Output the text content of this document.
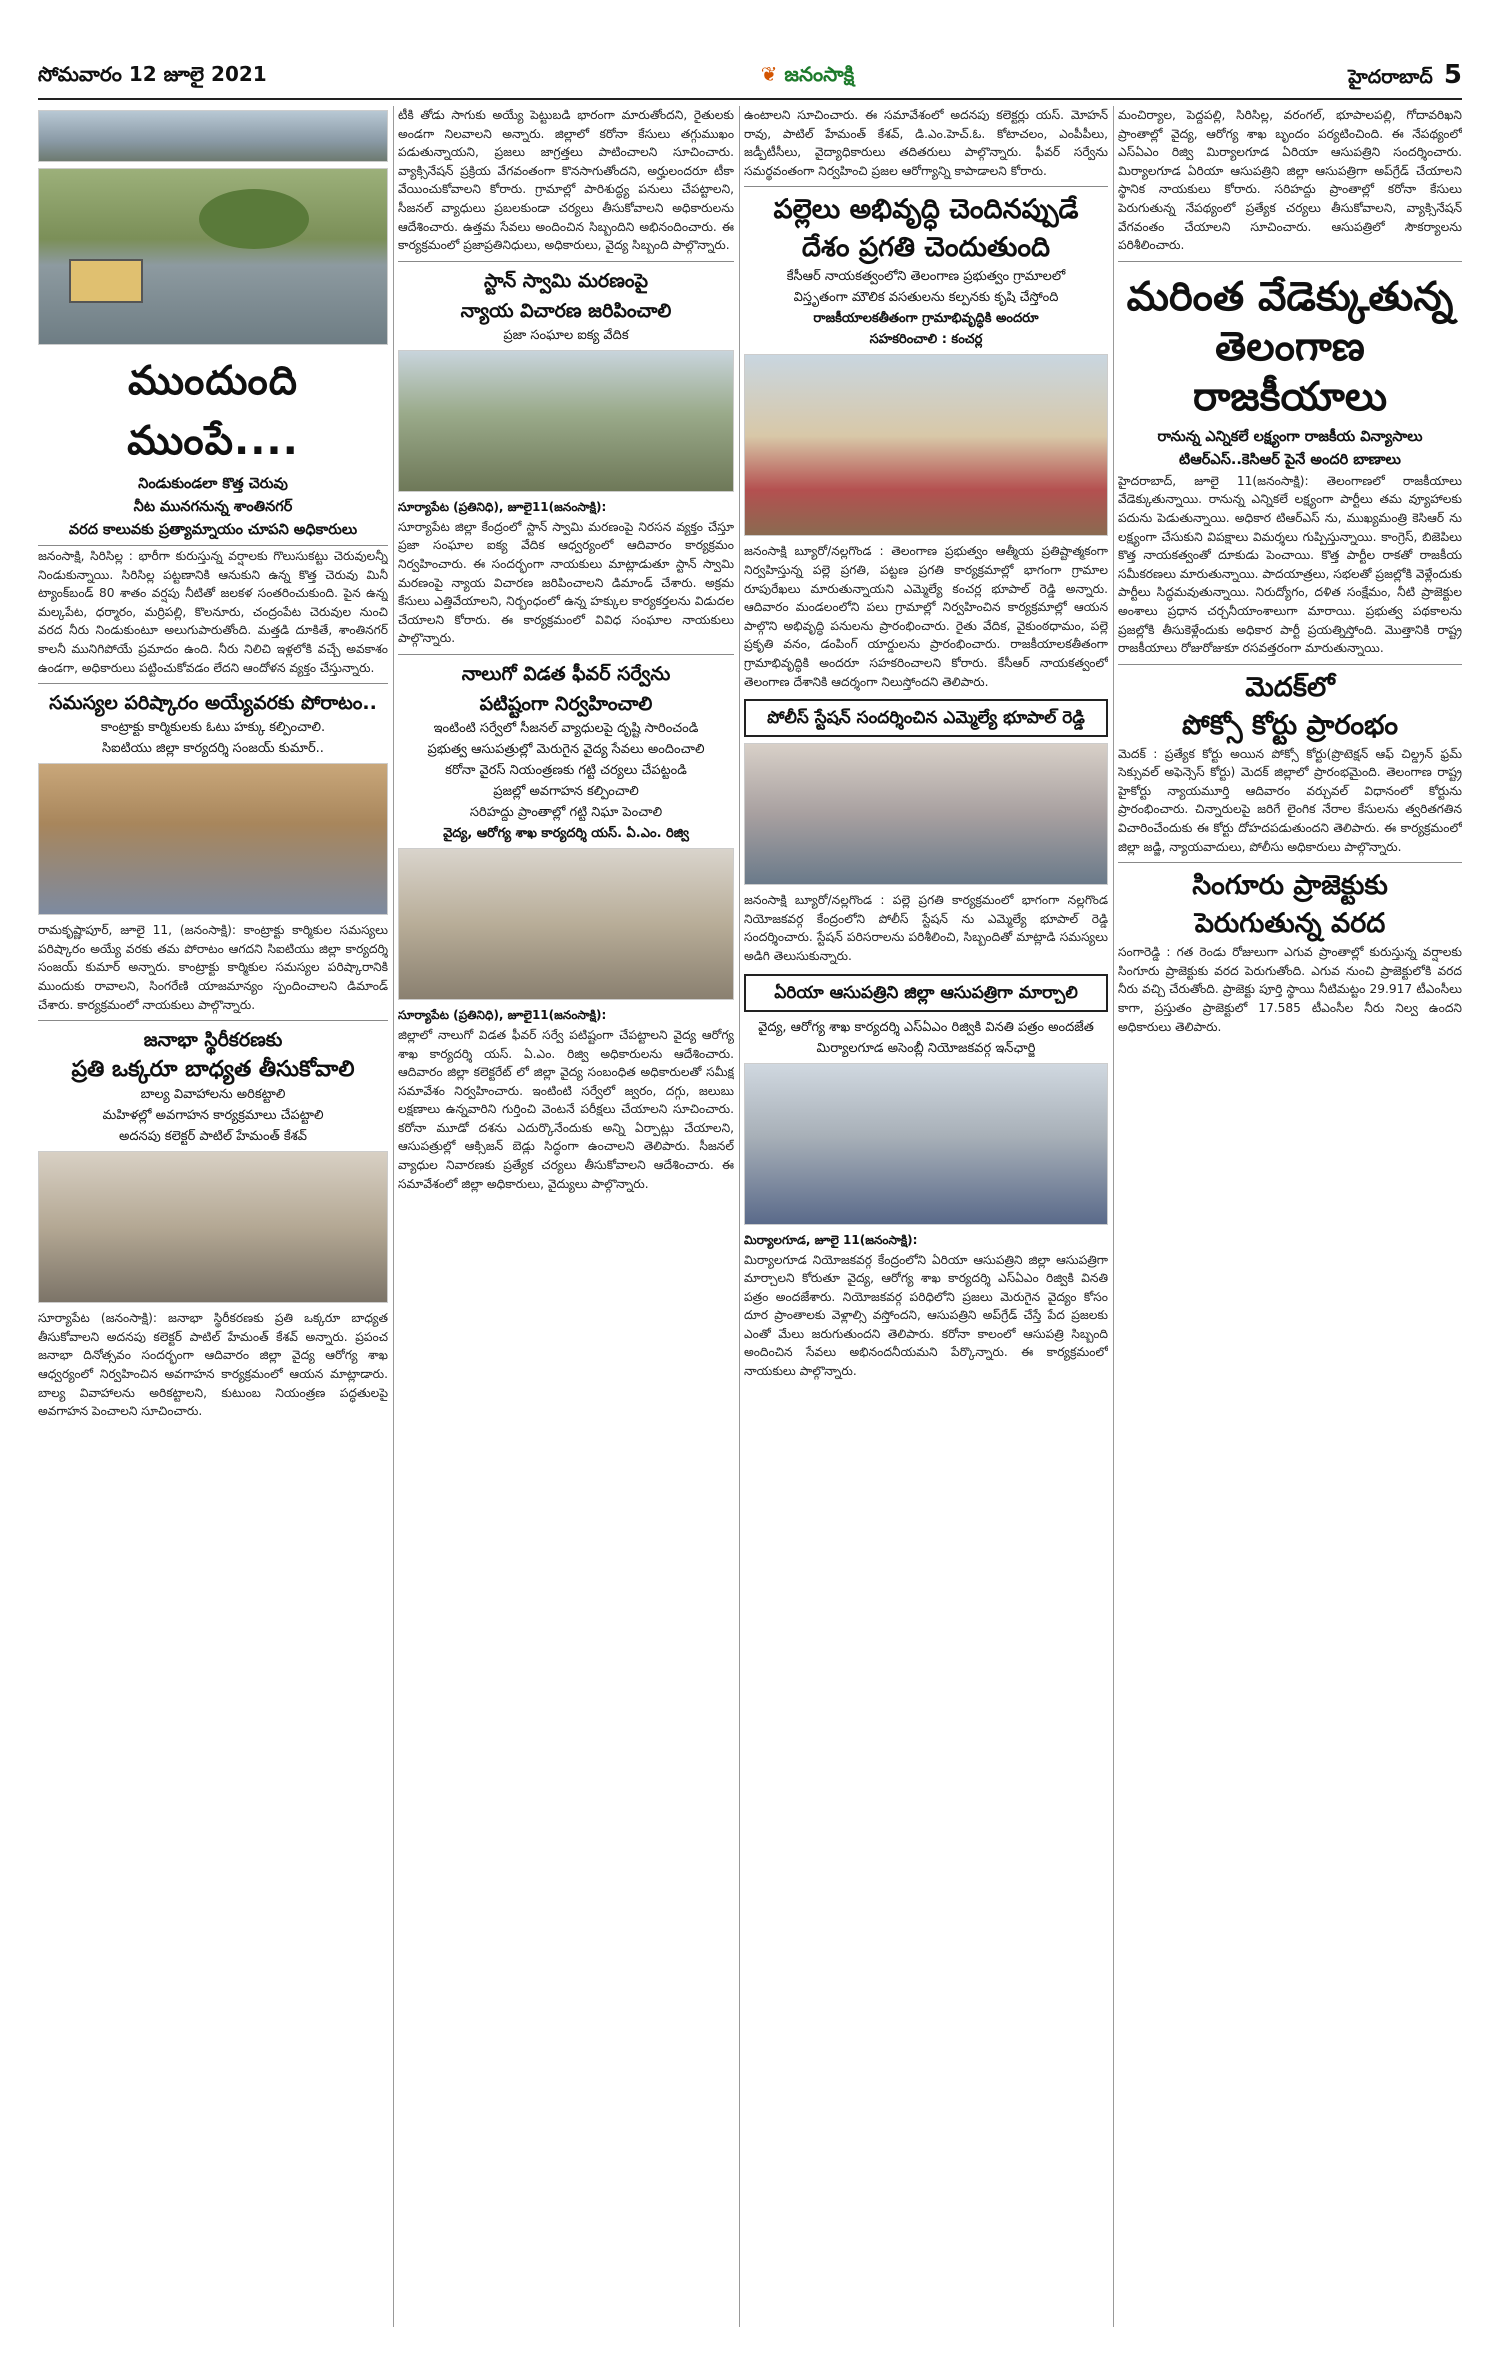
సోమవారం 12 జూలై 2021	❦ జనంసాక్షి	హైదరాబాద్ 5
ముందుంది ముంపే....
నిండుకుండలా కొత్త చెరువు
నీట మునగనున్న శాంతినగర్
వరద కాలువకు ప్రత్యామ్నాయం చూపని అధికారులు

జనంసాక్షి, సిరిసిల్ల : భారీగా కురుస్తున్న వర్షాలకు గొలుసుకట్టు చెరువులన్నీ నిండుకున్నాయి. సిరిసిల్ల పట్టణానికి ఆనుకుని ఉన్న కొత్త చెరువు మినీ ట్యాంక్‌బండ్ 80 శాతం వర్షపు నీటితో జలకళ సంతరించుకుంది. పైన ఉన్న మల్కపేట, ధర్మారం, మర్రిపల్లి, కొలనూరు, చంద్రంపేట చెరువుల నుంచి వరద నీరు నిండుకుంటూ అలుగుపారుతోంది. మత్తడి దూకితే, శాంతినగర్ కాలనీ మునిగిపోయే ప్రమాదం ఉంది. నీరు నిలిచి ఇళ్లలోకి వచ్చే అవకాశం ఉండగా, అధికారులు పట్టించుకోవడం లేదని ఆందోళన వ్యక్తం చేస్తున్నారు.

సమస్యల పరిష్కారం అయ్యేవరకు పోరాటం..
కాంట్రాక్టు కార్మికులకు ఓటు హక్కు కల్పించాలి.
సిఐటియు జిల్లా కార్యదర్శి సంజయ్ కుమార్..

రామకృష్ణాపూర్, జూలై 11, (జనంసాక్షి): కాంట్రాక్టు కార్మికుల సమస్యలు పరిష్కారం అయ్యే వరకు తమ పోరాటం ఆగదని సిఐటియు జిల్లా కార్యదర్శి సంజయ్ కుమార్ అన్నారు. కాంట్రాక్టు కార్మికుల సమస్యల పరిష్కారానికి ముందుకు రావాలని, సింగరేణి యాజమాన్యం స్పందించాలని డిమాండ్ చేశారు. కార్యక్రమంలో నాయకులు పాల్గొన్నారు.

జనాభా స్థిరీకరణకు
ప్రతి ఒక్కరూ బాధ్యత తీసుకోవాలి
బాల్య వివాహాలను అరికట్టాలి
మహిళల్లో అవగాహన కార్యక్రమాలు చేపట్టాలి
అదనపు కలెక్టర్ పాటిల్ హేమంత్ కేశవ్

సూర్యాపేట (జనంసాక్షి): జనాభా స్థిరీకరణకు ప్రతి ఒక్కరూ బాధ్యత తీసుకోవాలని అదనపు కలెక్టర్ పాటిల్ హేమంత్ కేశవ్ అన్నారు. ప్రపంచ జనాభా దినోత్సవం సందర్భంగా ఆదివారం జిల్లా వైద్య ఆరోగ్య శాఖ ఆధ్వర్యంలో నిర్వహించిన అవగాహన కార్యక్రమంలో ఆయన మాట్లాడారు. బాల్య వివాహాలను అరికట్టాలని, కుటుంబ నియంత్రణ పద్ధతులపై అవగాహన పెంచాలని సూచించారు.

టీకి తోడు సాగుకు అయ్యే పెట్టుబడి భారంగా మారుతోందని, రైతులకు అండగా నిలవాలని అన్నారు. జిల్లాలో కరోనా కేసులు తగ్గుముఖం పడుతున్నాయని, ప్రజలు జాగ్రత్తలు పాటించాలని సూచించారు. వ్యాక్సినేషన్ ప్రక్రియ వేగవంతంగా కొనసాగుతోందని, అర్హులందరూ టీకా వేయించుకోవాలని కోరారు. గ్రామాల్లో పారిశుద్ధ్య పనులు చేపట్టాలని, సీజనల్ వ్యాధులు ప్రబలకుండా చర్యలు తీసుకోవాలని అధికారులను ఆదేశించారు. ఉత్తమ సేవలు అందించిన సిబ్బందిని అభినందించారు. ఈ కార్యక్రమంలో ప్రజాప్రతినిధులు, అధికారులు, వైద్య సిబ్బంది పాల్గొన్నారు.

స్టాన్ స్వామి మరణంపై
న్యాయ విచారణ జరిపించాలి
ప్రజా సంఘాల ఐక్య వేదిక
సూర్యాపేట (ప్రతినిధి), జూలై11(జనంసాక్షి):

సూర్యాపేట జిల్లా కేంద్రంలో స్టాన్ స్వామి మరణంపై నిరసన వ్యక్తం చేస్తూ ప్రజా సంఘాల ఐక్య వేదిక ఆధ్వర్యంలో ఆదివారం కార్యక్రమం నిర్వహించారు. ఈ సందర్భంగా నాయకులు మాట్లాడుతూ స్టాన్ స్వామి మరణంపై న్యాయ విచారణ జరిపించాలని డిమాండ్ చేశారు. అక్రమ కేసులు ఎత్తివేయాలని, నిర్బంధంలో ఉన్న హక్కుల కార్యకర్తలను విడుదల చేయాలని కోరారు. ఈ కార్యక్రమంలో వివిధ సంఘాల నాయకులు పాల్గొన్నారు.

నాలుగో విడత ఫీవర్ సర్వేను
పటిష్టంగా నిర్వహించాలి
ఇంటింటి సర్వేలో సీజనల్ వ్యాధులపై దృష్టి సారించండి
ప్రభుత్వ ఆసుపత్రుల్లో మెరుగైన వైద్య సేవలు అందించాలి
కరోనా వైరస్ నియంత్రణకు గట్టి చర్యలు చేపట్టండి
ప్రజల్లో అవగాహన కల్పించాలి
సరిహద్దు ప్రాంతాల్లో గట్టి నిఘా పెంచాలి
వైద్య, ఆరోగ్య శాఖ కార్యదర్శి యస్. ఏ.ఎం. రిజ్వి
సూర్యాపేట (ప్రతినిధి), జూలై11(జనంసాక్షి):

జిల్లాలో నాలుగో విడత ఫీవర్ సర్వే పటిష్టంగా చేపట్టాలని వైద్య ఆరోగ్య శాఖ కార్యదర్శి యస్. ఏ.ఎం. రిజ్వి అధికారులను ఆదేశించారు. ఆదివారం జిల్లా కలెక్టరేట్ లో జిల్లా వైద్య సంబంధిత అధికారులతో సమీక్ష సమావేశం నిర్వహించారు. ఇంటింటి సర్వేలో జ్వరం, దగ్గు, జలుబు లక్షణాలు ఉన్నవారిని గుర్తించి వెంటనే పరీక్షలు చేయాలని సూచించారు. కరోనా మూడో దశను ఎదుర్కొనేందుకు అన్ని ఏర్పాట్లు చేయాలని, ఆసుపత్రుల్లో ఆక్సిజన్ బెడ్లు సిద్ధంగా ఉంచాలని తెలిపారు. సీజనల్ వ్యాధుల నివారణకు ప్రత్యేక చర్యలు తీసుకోవాలని ఆదేశించారు. ఈ సమావేశంలో జిల్లా అధికారులు, వైద్యులు పాల్గొన్నారు.

ఉంటాలని సూచించారు. ఈ సమావేశంలో అదనపు కలెక్టర్లు యస్. మోహన్ రావు, పాటిల్ హేమంత్ కేశవ్, డి.ఎం.హెచ్.ఓ. కోటాచలం, ఎంపీపీలు, జడ్పీటీసీలు, వైద్యాధికారులు తదితరులు పాల్గొన్నారు. ఫీవర్ సర్వేను సమర్థవంతంగా నిర్వహించి ప్రజల ఆరోగ్యాన్ని కాపాడాలని కోరారు.

పల్లెలు అభివృద్ధి చెందినప్పుడే
దేశం ప్రగతి చెందుతుంది
కేసీఆర్ నాయకత్వంలోని తెలంగాణ ప్రభుత్వం గ్రామాలలో
విస్తృతంగా మౌలిక వసతులను కల్పనకు కృషి చేస్తోంది
రాజకీయాలకతీతంగా గ్రామాభివృద్ధికి అందరూ
సహకరించాలి : కంచర్ల

జనంసాక్షి బ్యూరో/నల్లగొండ : తెలంగాణ ప్రభుత్వం ఆత్మీయ ప్రతిష్టాత్మకంగా నిర్వహిస్తున్న పల్లె ప్రగతి, పట్టణ ప్రగతి కార్యక్రమాల్లో భాగంగా గ్రామాల రూపురేఖలు మారుతున్నాయని ఎమ్మెల్యే కంచర్ల భూపాల్ రెడ్డి అన్నారు. ఆదివారం మండలంలోని పలు గ్రామాల్లో నిర్వహించిన కార్యక్రమాల్లో ఆయన పాల్గొని అభివృద్ధి పనులను ప్రారంభించారు. రైతు వేదిక, వైకుంఠధామం, పల్లె ప్రకృతి వనం, డంపింగ్ యార్డులను ప్రారంభించారు. రాజకీయాలకతీతంగా గ్రామాభివృద్ధికి అందరూ సహకరించాలని కోరారు. కేసీఆర్ నాయకత్వంలో తెలంగాణ దేశానికి ఆదర్శంగా నిలుస్తోందని తెలిపారు.

పోలీస్ స్టేషన్ సందర్శించిన ఎమ్మెల్యే భూపాల్ రెడ్డి

జనంసాక్షి బ్యూరో/నల్లగొండ : పల్లె ప్రగతి కార్యక్రమంలో భాగంగా నల్లగొండ నియోజకవర్గ కేంద్రంలోని పోలీస్ స్టేషన్ ను ఎమ్మెల్యే భూపాల్ రెడ్డి సందర్శించారు. స్టేషన్ పరిసరాలను పరిశీలించి, సిబ్బందితో మాట్లాడి సమస్యలు అడిగి తెలుసుకున్నారు.

ఏరియా ఆసుపత్రిని జిల్లా ఆసుపత్రిగా మార్చాలి
వైద్య, ఆరోగ్య శాఖ కార్యదర్శి ఎస్ఏఎం రిజ్వికి వినతి పత్రం అందజేత
మిర్యాలగూడ అసెంబ్లీ నియోజకవర్గ ఇన్‌ఛార్జి
మిర్యాలగూడ, జూలై 11(జనంసాక్షి):

మిర్యాలగూడ నియోజకవర్గ కేంద్రంలోని ఏరియా ఆసుపత్రిని జిల్లా ఆసుపత్రిగా మార్చాలని కోరుతూ వైద్య, ఆరోగ్య శాఖ కార్యదర్శి ఎస్ఏఎం రిజ్వికి వినతి పత్రం అందజేశారు. నియోజకవర్గ పరిధిలోని ప్రజలు మెరుగైన వైద్యం కోసం దూర ప్రాంతాలకు వెళ్లాల్సి వస్తోందని, ఆసుపత్రిని అప్‌గ్రేడ్ చేస్తే పేద ప్రజలకు ఎంతో మేలు జరుగుతుందని తెలిపారు. కరోనా కాలంలో ఆసుపత్రి సిబ్బంది అందించిన సేవలు అభినందనీయమని పేర్కొన్నారు. ఈ కార్యక్రమంలో నాయకులు పాల్గొన్నారు.

మంచిర్యాల, పెద్దపల్లి, సిరిసిల్ల, వరంగల్, భూపాలపల్లి, గోదావరిఖని ప్రాంతాల్లో వైద్య, ఆరోగ్య శాఖ బృందం పర్యటించింది. ఈ నేపథ్యంలో ఎస్ఏఎం రిజ్వి మిర్యాలగూడ ఏరియా ఆసుపత్రిని సందర్శించారు. మిర్యాలగూడ ఏరియా ఆసుపత్రిని జిల్లా ఆసుపత్రిగా అప్‌గ్రేడ్ చేయాలని స్థానిక నాయకులు కోరారు. సరిహద్దు ప్రాంతాల్లో కరోనా కేసులు పెరుగుతున్న నేపథ్యంలో ప్రత్యేక చర్యలు తీసుకోవాలని, వ్యాక్సినేషన్ వేగవంతం చేయాలని సూచించారు. ఆసుపత్రిలో సౌకర్యాలను పరిశీలించారు.

మరింత వేడెక్కుతున్న తెలంగాణ రాజకీయాలు
రానున్న ఎన్నికలే లక్ష్యంగా రాజకీయ విన్యాసాలు
టిఆర్ఎస్..కెసిఆర్ పైనే అందరి బాణాలు

హైదరాబాద్, జూలై 11(జనంసాక్షి): తెలంగాణలో రాజకీయాలు వేడెక్కుతున్నాయి. రానున్న ఎన్నికలే లక్ష్యంగా పార్టీలు తమ వ్యూహాలకు పదును పెడుతున్నాయి. అధికార టిఆర్ఎస్ ను, ముఖ్యమంత్రి కెసిఆర్ ను లక్ష్యంగా చేసుకుని విపక్షాలు విమర్శలు గుప్పిస్తున్నాయి. కాంగ్రెస్, బిజెపిలు కొత్త నాయకత్వంతో దూకుడు పెంచాయి. కొత్త పార్టీల రాకతో రాజకీయ సమీకరణలు మారుతున్నాయి. పాదయాత్రలు, సభలతో ప్రజల్లోకి వెళ్లేందుకు పార్టీలు సిద్ధమవుతున్నాయి. నిరుద్యోగం, దళిత సంక్షేమం, నీటి ప్రాజెక్టుల అంశాలు ప్రధాన చర్చనీయాంశాలుగా మారాయి. ప్రభుత్వ పథకాలను ప్రజల్లోకి తీసుకెళ్లేందుకు అధికార పార్టీ ప్రయత్నిస్తోంది. మొత్తానికి రాష్ట్ర రాజకీయాలు రోజురోజుకూ రసవత్తరంగా మారుతున్నాయి.

మెదక్‌లో
పోక్సో కోర్టు ప్రారంభం

మెదక్ : ప్రత్యేక కోర్టు అయిన పోక్సో కోర్టు(ప్రొటెక్షన్ ఆఫ్ చిల్డ్రన్ ఫ్రమ్ సెక్సువల్ అఫెన్సెస్ కోర్టు) మెదక్ జిల్లాలో ప్రారంభమైంది. తెలంగాణ రాష్ట్ర హైకోర్టు న్యాయమూర్తి ఆదివారం వర్చువల్ విధానంలో కోర్టును ప్రారంభించారు. చిన్నారులపై జరిగే లైంగిక నేరాల కేసులను త్వరితగతిన విచారించేందుకు ఈ కోర్టు దోహదపడుతుందని తెలిపారు. ఈ కార్యక్రమంలో జిల్లా జడ్జి, న్యాయవాదులు, పోలీసు అధికారులు పాల్గొన్నారు.

సింగూరు ప్రాజెక్టుకు
పెరుగుతున్న వరద

సంగారెడ్డి : గత రెండు రోజులుగా ఎగువ ప్రాంతాల్లో కురుస్తున్న వర్షాలకు సింగూరు ప్రాజెక్టుకు వరద పెరుగుతోంది. ఎగువ నుంచి ప్రాజెక్టులోకి వరద నీరు వచ్చి చేరుతోంది. ప్రాజెక్టు పూర్తి స్థాయి నీటిమట్టం 29.917 టీఎంసీలు కాగా, ప్రస్తుతం ప్రాజెక్టులో 17.585 టీఎంసీల నీరు నిల్వ ఉందని అధికారులు తెలిపారు.
